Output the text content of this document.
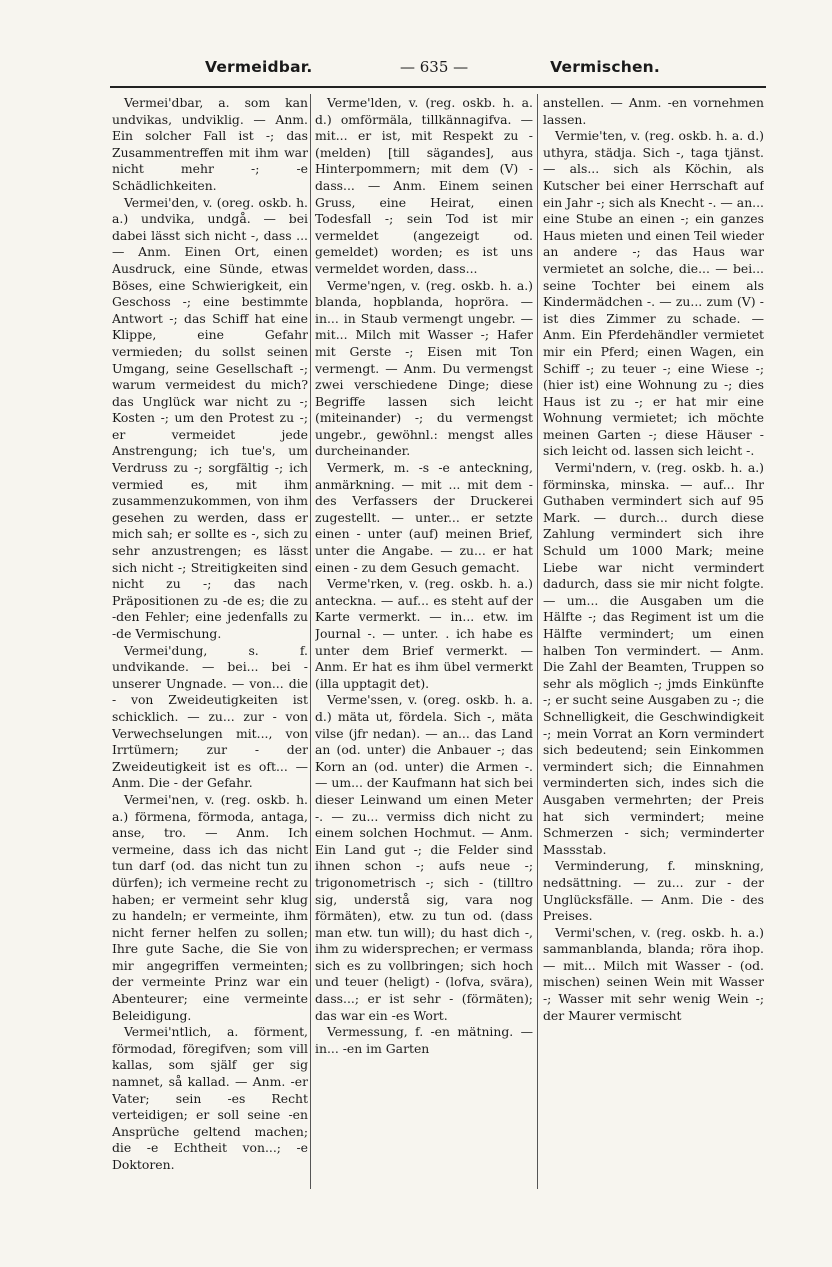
Vermeidbar.	— 635 —	Vermischen.

Vermei'dbar, a. som kan undvikas, undviklig. — Anm. Ein solcher Fall ist -; das Zusammentreffen mit ihm war nicht mehr -; -e Schädlichkeiten.

Vermei'den, v. (oreg. oskb. h. a.) undvika, undgå. — bei dabei lässt sich nicht -, dass ... — Anm. Einen Ort, einen Ausdruck, eine Sünde, etwas Böses, eine Schwierigkeit, ein Geschoss -; eine bestimmte Antwort -; das Schiff hat eine Klippe, eine Gefahr vermieden; du sollst seinen Umgang, seine Gesellschaft -; warum vermeidest du mich? das Unglück war nicht zu -; Kosten -; um den Protest zu -; er vermeidet jede Anstrengung; ich tue's, um Verdruss zu -; sorgfältig -; ich vermied es, mit ihm zusammenzukommen, von ihm gesehen zu werden, dass er mich sah; er sollte es -, sich zu sehr anzustrengen; es lässt sich nicht -; Streitigkeiten sind nicht zu -; das nach Präpositionen zu -de es; die zu -den Fehler; eine jedenfalls zu -de Vermischung.

Vermei'dung, s. f. undvikande. — bei... bei - unserer Ungnade. — von... die - von Zweideutigkeiten ist schicklich. — zu... zur - von Verwechselungen mit..., von Irrtümern; zur - der Zweideutigkeit ist es oft... — Anm. Die - der Gefahr.

Vermei'nen, v. (reg. oskb. h. a.) förmena, förmoda, antaga, anse, tro. — Anm. Ich vermeine, dass ich das nicht tun darf (od. das nicht tun zu dürfen); ich vermeine recht zu haben; er vermeint sehr klug zu handeln; er vermeinte, ihm nicht ferner helfen zu sollen; Ihre gute Sache, die Sie von mir angegriffen vermeinten; der vermeinte Prinz war ein Abenteurer; eine vermeinte Beleidigung.

Vermei'ntlich, a. förment, förmodad, föregifven; som vill kallas, som själf ger sig namnet, så kallad. — Anm. -er Vater; sein -es Recht verteidigen; er soll seine -en Ansprüche geltend machen; die -e Echtheit von...; -e Doktoren.

Verme'lden, v. (reg. oskb. h. a. d.) omförmäla, tillkännagifva. — mit... er ist, mit Respekt zu - (melden) [till sägandes], aus Hinterpommern; mit dem (V) - dass... — Anm. Einem seinen Gruss, eine Heirat, einen Todesfall -; sein Tod ist mir vermeldet (angezeigt od. gemeldet) worden; es ist uns vermeldet worden, dass...

Verme'ngen, v. (reg. oskb. h. a.) blanda, hopblanda, hopröra. — in... in Staub vermengt ungebr. — mit... Milch mit Wasser -; Hafer mit Gerste -; Eisen mit Ton vermengt. — Anm. Du vermengst zwei verschiedene Dinge; diese Begriffe lassen sich leicht (miteinander) -; du vermengst ungebr., gewöhnl.: mengst alles durcheinander.

Vermerk, m. -s -e anteckning, anmärkning. — mit ... mit dem - des Verfassers der Druckerei zugestellt. — unter... er setzte einen - unter (auf) meinen Brief, unter die Angabe. — zu... er hat einen - zu dem Gesuch gemacht.

Verme'rken, v. (reg. oskb. h. a.) anteckna. — auf... es steht auf der Karte vermerkt. — in... etw. im Journal -. — unter. . ich habe es unter dem Brief vermerkt. — Anm. Er hat es ihm übel vermerkt (illa upptagit det).

Verme'ssen, v. (oreg. oskb. h. a. d.) mäta ut, fördela. Sich -, mäta vilse (jfr nedan). — an... das Land an (od. unter) die Anbauer -; das Korn an (od. unter) die Armen -. — um... der Kaufmann hat sich bei dieser Leinwand um einen Meter -. — zu... vermiss dich nicht zu einem solchen Hochmut. — Anm. Ein Land gut -; die Felder sind ihnen schon -; aufs neue -; trigonometrisch -; sich - (tilltro sig, understå sig, vara nog förmäten), etw. zu tun od. (dass man etw. tun will); du hast dich -, ihm zu widersprechen; er vermass sich es zu vollbringen; sich hoch und teuer (heligt) - (lofva, svära), dass...; er ist sehr - (förmäten); das war ein -es Wort.

Vermessung, f. -en mätning. — in... -en im Garten

anstellen. — Anm. -en vornehmen lassen.

Vermie'ten, v. (reg. oskb. h. a. d.) uthyra, städja. Sich -, taga tjänst. — als... sich als Köchin, als Kutscher bei einer Herrschaft auf ein Jahr -; sich als Knecht -. — an... eine Stube an einen -; ein ganzes Haus mieten und einen Teil wieder an andere -; das Haus war vermietet an solche, die... — bei... seine Tochter bei einem als Kindermädchen -. — zu... zum (V) - ist dies Zimmer zu schade. — Anm. Ein Pferdehändler vermietet mir ein Pferd; einen Wagen, ein Schiff -; zu teuer -; eine Wiese -; (hier ist) eine Wohnung zu -; dies Haus ist zu -; er hat mir eine Wohnung vermietet; ich möchte meinen Garten -; diese Häuser - sich leicht od. lassen sich leicht -.

Vermi'ndern, v. (reg. oskb. h. a.) förminska, minska. — auf... Ihr Guthaben vermindert sich auf 95 Mark. — durch... durch diese Zahlung vermindert sich ihre Schuld um 1000 Mark; meine Liebe war nicht vermindert dadurch, dass sie mir nicht folgte. — um... die Ausgaben um die Hälfte -; das Regiment ist um die Hälfte vermindert; um einen halben Ton vermindert. — Anm. Die Zahl der Beamten, Truppen so sehr als möglich -; jmds Einkünfte -; er sucht seine Ausgaben zu -; die Schnelligkeit, die Geschwindigkeit -; mein Vorrat an Korn vermindert sich bedeutend; sein Einkommen vermindert sich; die Einnahmen verminderten sich, indes sich die Ausgaben vermehrten; der Preis hat sich vermindert; meine Schmerzen - sich; verminderter Massstab.

Verminderung, f. minskning, nedsättning. — zu... zur - der Unglücksfälle. — Anm. Die - des Preises.

Vermi'schen, v. (reg. oskb. h. a.) sammanblanda, blanda; röra ihop. — mit... Milch mit Wasser - (od. mischen) seinen Wein mit Wasser -; Wasser mit sehr wenig Wein -; der Maurer vermischt
